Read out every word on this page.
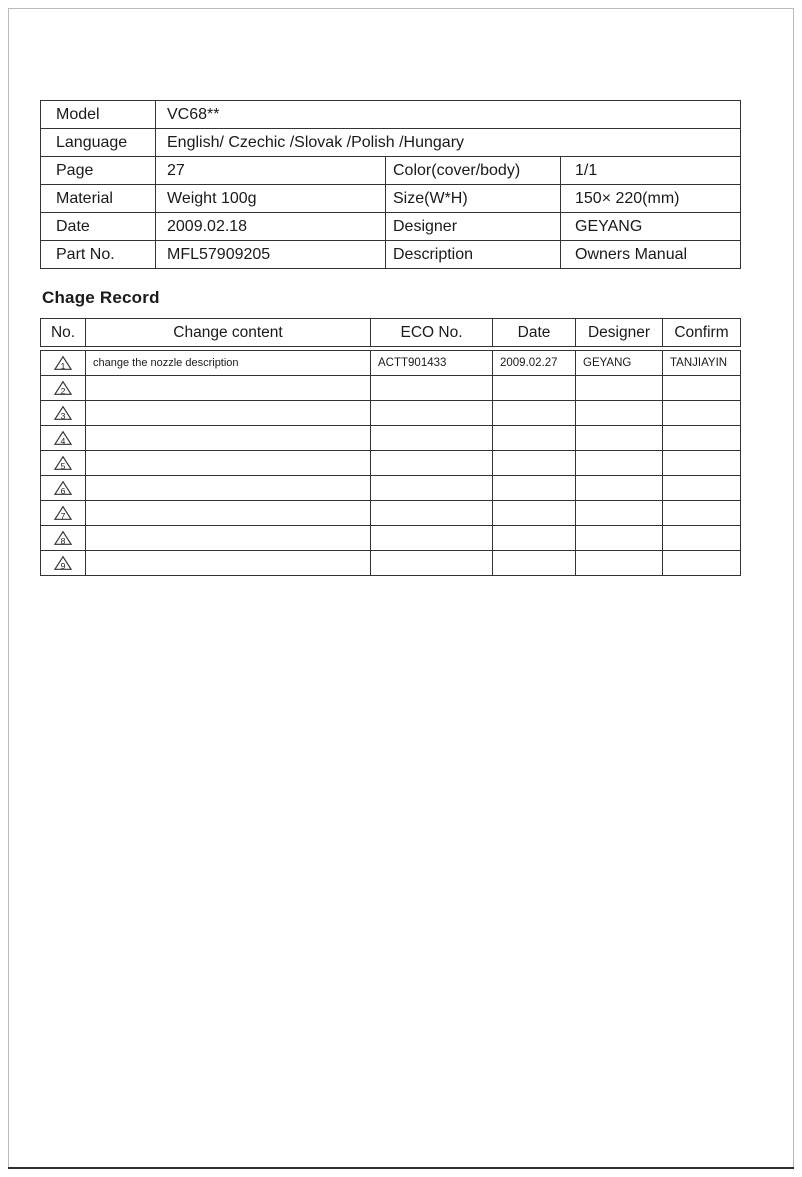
Model	VC68**		
Language	English/ Czechic /Slovak /Polish /Hungary		
Page	27	Color(cover/body)	1/1
Material	Weight 100g	Size(W*H)	150× 220(mm)
Date	2009.02.18	Designer	GEYANG
Part No.	MFL57909205	Description	Owners Manual
Chage Record
No.	Change content	ECO No.	Date	Designer	Confirm
1	change the nozzle description	ACTT901433	2009.02.27	GEYANG	TANJIAYIN

2					

3					

4					

5					

6					

7					

8					

9					
